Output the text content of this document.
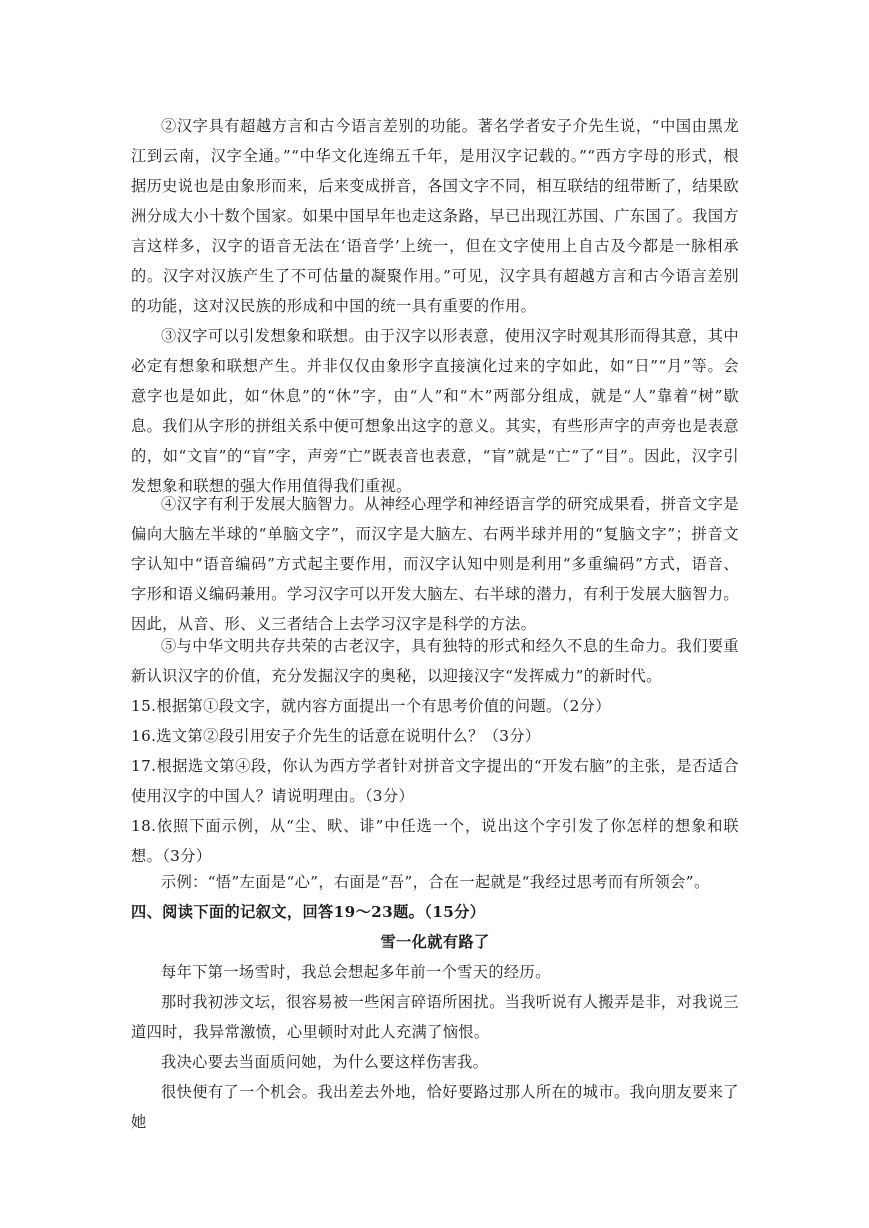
②汉字具有超越方言和古今语言差别的功能。著名学者安子介先生说，“中国由黑龙江到云南，汉字全通。”“中华文化连绵五千年，是用汉字记载的。”“西方字母的形式，根据历史说也是由象形而来，后来变成拼音，各国文字不同，相互联结的纽带断了，结果欧洲分成大小十数个国家。如果中国早年也走这条路，早已出现江苏国、广东国了。我国方言这样多，汉字的语音无法在‘语音学’上统一，但在文字使用上自古及今都是一脉相承的。汉字对汉族产生了不可估量的凝聚作用。”可见，汉字具有超越方言和古今语言差别的功能，这对汉民族的形成和中国的统一具有重要的作用。

③汉字可以引发想象和联想。由于汉字以形表意，使用汉字时观其形而得其意，其中必定有想象和联想产生。并非仅仅由象形字直接演化过来的字如此，如“日”“月”等。会意字也是如此，如“休息”的“休”字，由“人”和“木”两部分组成，就是“人”靠着“树”歇息。我们从字形的拼组关系中便可想象出这字的意义。其实，有些形声字的声旁也是表意的，如“文盲”的“盲”字，声旁“亡”既表音也表意，“盲”就是“亡”了“目”。因此，汉字引发想象和联想的强大作用值得我们重视。

④汉字有利于发展大脑智力。从神经心理学和神经语言学的研究成果看，拼音文字是偏向大脑左半球的“单脑文字”，而汉字是大脑左、右两半球并用的“复脑文字”；拼音文字认知中“语音编码”方式起主要作用，而汉字认知中则是利用“多重编码”方式，语音、字形和语义编码兼用。学习汉字可以开发大脑左、右半球的潜力，有利于发展大脑智力。因此，从音、形、义三者结合上去学习汉字是科学的方法。

⑤与中华文明共存共荣的古老汉字，具有独特的形式和经久不息的生命力。我们要重新认识汉字的价值，充分发掘汉字的奥秘，以迎接汉字“发挥威力”的新时代。

15.根据第①段文字，就内容方面提出一个有思考价值的问题。（2分）

16.选文第②段引用安子介先生的话意在说明什么？（3分）

17.根据选文第④段，你认为西方学者针对拼音文字提出的“开发右脑”的主张，是否适合使用汉字的中国人？请说明理由。（3分）

18.依照下面示例，从“尘、畎、诽”中任选一个，说出这个字引发了你怎样的想象和联想。（3分）

示例：“悟”左面是“心”，右面是“吾”，合在一起就是“我经过思考而有所领会”。

四、阅读下面的记叙文，回答19～23题。（15分）

雪一化就有路了

每年下第一场雪时，我总会想起多年前一个雪天的经历。

那时我初涉文坛，很容易被一些闲言碎语所困扰。当我听说有人搬弄是非，对我说三道四时，我异常激愤，心里顿时对此人充满了恼恨。

我决心要去当面质问她，为什么要这样伤害我。

很快便有了一个机会。我出差去外地，恰好要路过那人所在的城市。我向朋友要来了她
